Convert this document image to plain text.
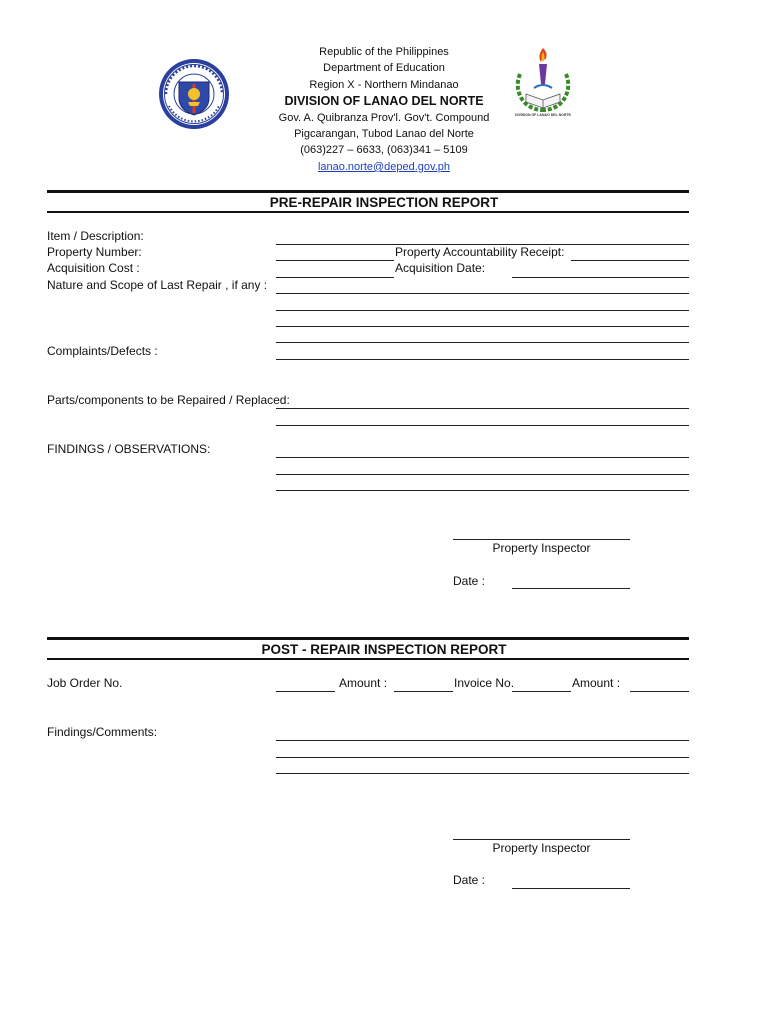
DIVISION OF LANAO DEL NORTE
Republic of the Philippines
Department of Education
Region X - Northern Mindanao
DIVISION OF LANAO DEL NORTE
Gov. A. Quibranza Prov'l. Gov't. Compound
Pigcarangan, Tubod Lanao del Norte
(063)227 – 6633, (063)341 – 5109
lanao.norte@deped.gov.ph
PRE-REPAIR INSPECTION REPORT
Item / Description:
Property Number:	Property Accountability Receipt:
Acquisition Cost :	Acquisition Date:
Nature and Scope of Last Repair , if any :
Complaints/Defects :
Parts/components to be Repaired / Replaced:
FINDINGS / OBSERVATIONS:
Property Inspector
Date :
POST - REPAIR INSPECTION REPORT
Job Order No.	Amount :	Invoice No.	Amount :
Findings/Comments:
Property Inspector
Date :
